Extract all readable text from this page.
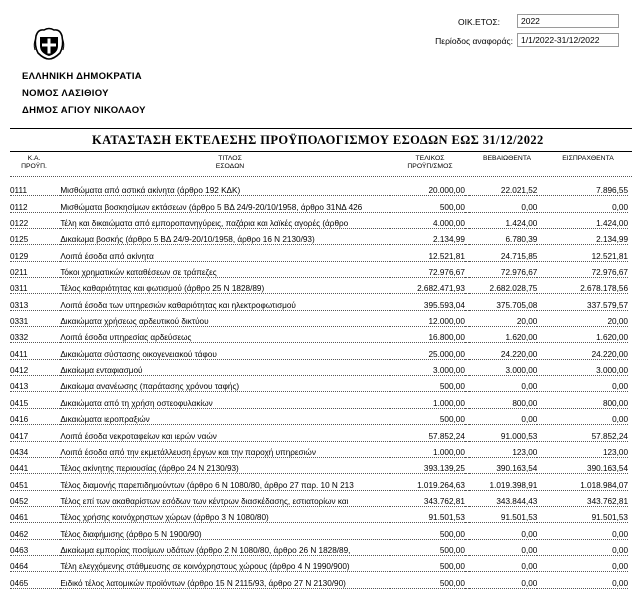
ΟΙΚ.ΕΤΟΣ:	2022
Περίοδος αναφοράς: 1/1/2022-31/12/2022
ΕΛΛΗΝΙΚΗ ΔΗΜΟΚΡΑΤΙΑ
ΝΟΜΟΣ ΛΑΣΙΘΙΟΥ
ΔΗΜΟΣ ΑΓΙΟΥ ΝΙΚΟΛΑΟΥ
ΚΑΤΑΣΤΑΣΗ ΕΚΤΕΛΕΣΗΣ ΠΡΟΫΠΟΛΟΓΙΣΜΟΥ ΕΣΟΔΩΝ ΕΩΣ 31/12/2022
Κ.Α.
ΠΡΟΫΠ.
ΤΙΤΛΟΣ
ΕΣΟΔΩΝ
ΤΕΛΙΚΟΣ
ΠΡΟΫΠ/ΣΜΟΣ
ΒΕΒΑΙΩΘΕΝΤΑ	ΕΙΣΠΡΑΧΘΕΝΤΑ
0111	Μισθώματα από αστικά ακίνητα (άρθρο 192 ΚΔΚ)	20.000,00		22.021,52	7.896,55
0112	Μισθώματα βοσκησίμων εκτάσεων (άρθρο 5 ΒΔ 24/9-20/10/1958, άρθρο 31ΝΔ 426	500,00		0,00	0,00
0122	Τέλη και δικαιώματα από εμποροπανηγύρεις, παζάρια και λαϊκές αγορές (άρθρο	4.000,00		1.424,00	1.424,00
0125	Δικαίωμα βοσκής (άρθρο 5 ΒΔ 24/9-20/10/1958, άρθρο 16 Ν 2130/93)	2.134,99		6.780,39	2.134,99
0129	Λοιπά έσοδα από ακίνητα	12.521,81		24.715,85	12.521,81
0211	Τόκοι χρηματικών καταθέσεων σε τράπεζες	72.976,67		72.976,67	72.976,67
0311	Τέλος καθαριότητας και φωτισμού (άρθρο 25 Ν 1828/89)	2.682.471,93		2.682.028,75	2.678.178,56
0313	Λοιπά έσοδα των υπηρεσιών καθαριότητας και ηλεκτροφωτισμού	395.593,04		375.705,08	337.579,57
0331	Δικαιώματα χρήσεως αρδευτικού δικτύου	12.000,00		20,00	20,00
0332	Λοιπά έσοδα υπηρεσίας αρδεύσεως	16.800,00		1.620,00	1.620,00
0411	Δικαιώματα σύστασης οικογενειακού τάφου	25.000,00		24.220,00	24.220,00
0412	Δικαίωμα ενταφιασμού	3.000,00		3.000,00	3.000,00
0413	Δικαίωμα ανανέωσης (παράτασης χρόνου ταφής)	500,00		0,00	0,00
0415	Δικαιώματα από τη χρήση οστεοφυλακίων	1.000,00		800,00	800,00
0416	Δικαιώματα ιεροπραξιών	500,00		0,00	0,00
0417	Λοιπά έσοδα νεκροταφείων και ιερών ναών	57.852,24		91.000,53	57.852,24
0434	Λοιπά έσοδα από την εκμετάλλευση έργων και την παροχή υπηρεσιών	1.000,00		123,00	123,00
0441	Τέλος ακίνητης περιουσίας (άρθρο 24 Ν 2130/93)	393.139,25		390.163,54	390.163,54
0451	Τέλος διαμονής παρεπιδημούντων (άρθρο 6 Ν 1080/80, άρθρο 27 παρ. 10 Ν 213	1.019.264,63		1.019.398,91	1.018.984,07
0452	Τέλος επί των ακαθαρίστων εσόδων των κέντρων διασκέδασης, εστιατορίων και	343.762,81		343.844,43	343.762,81
0461	Τέλος χρήσης κοινόχρηστων χώρων (άρθρο 3 Ν 1080/80)	91.501,53		91.501,53	91.501,53
0462	Τέλος διαφήμισης (άρθρο 5 Ν 1900/90)	500,00		0,00	0,00
0463	Δικαίωμα εμπορίας ποσίμων υδάτων (άρθρο 2 Ν 1080/80, άρθρο 26 Ν 1828/89,	500,00		0,00	0,00
0464	Τέλη ελεγχόμενης στάθμευσης σε κοινόχρηστους χώρους (άρθρο 4 Ν 1990/900)	500,00		0,00	0,00
0465	Ειδικό τέλος λατομικών προϊόντων (άρθρο 15 Ν 2115/93, άρθρο 27 Ν 2130/90)	500,00		0,00	0,00
